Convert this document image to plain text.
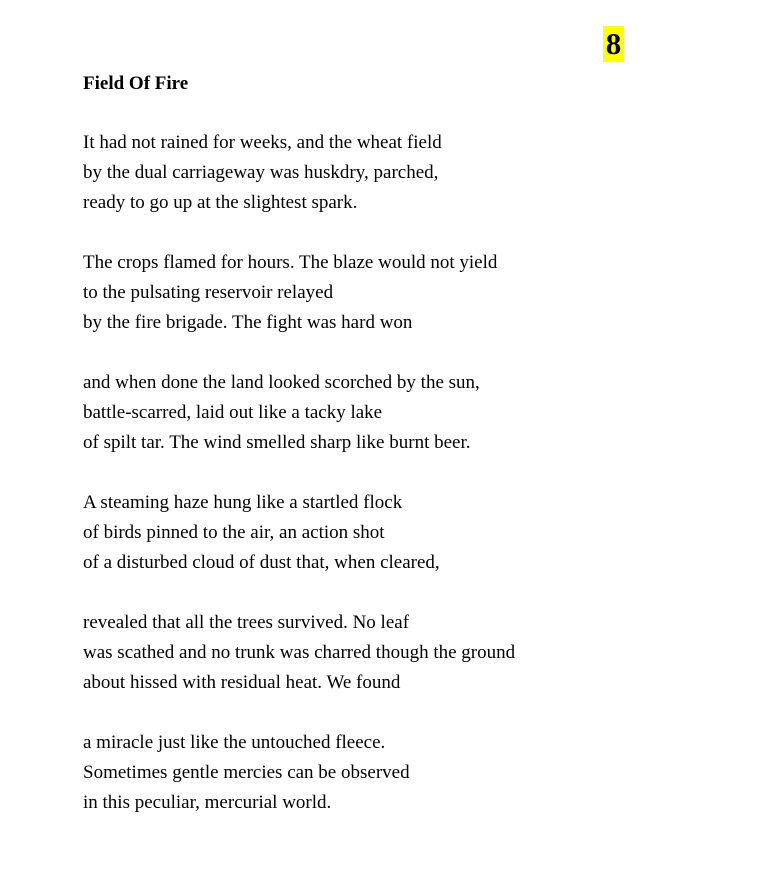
8
Field Of Fire

It had not rained for weeks, and the wheat field
by the dual carriageway was huskdry, parched,
ready to go up at the slightest spark.

The crops flamed for hours. The blaze would not yield
to the pulsating reservoir relayed
by the fire brigade. The fight was hard won

and when done the land looked scorched by the sun,
battle-scarred, laid out like a tacky lake
of spilt tar. The wind smelled sharp like burnt beer.

A steaming haze hung like a startled flock
of birds pinned to the air, an action shot
of a disturbed cloud of dust that, when cleared,

revealed that all the trees survived. No leaf
was scathed and no trunk was charred though the ground
about hissed with residual heat. We found

a miracle just like the untouched fleece.
Sometimes gentle mercies can be observed
in this peculiar, mercurial world.
